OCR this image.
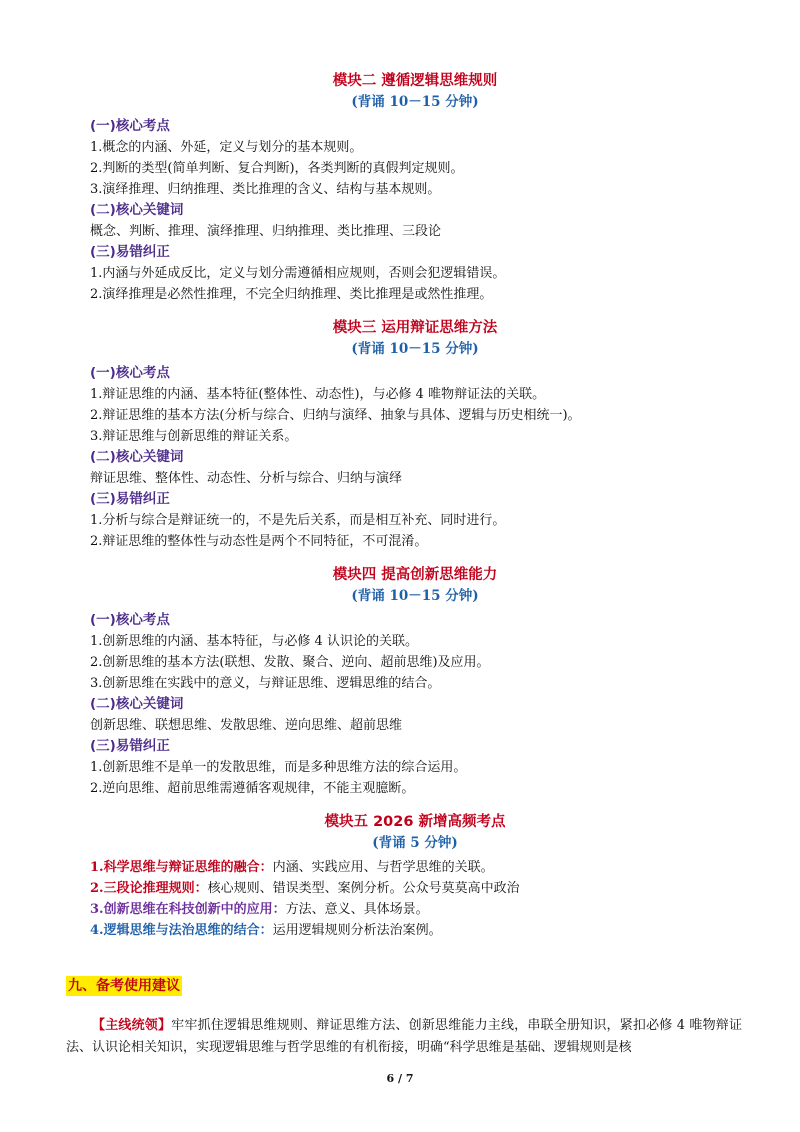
模块二 遵循逻辑思维规则
(背诵 10－15 分钟)
(一)核心考点
1.概念的内涵、外延，定义与划分的基本规则。
2.判断的类型(简单判断、复合判断)，各类判断的真假判定规则。
3.演绎推理、归纳推理、类比推理的含义、结构与基本规则。
(二)核心关键词
概念、判断、推理、演绎推理、归纳推理、类比推理、三段论
(三)易错纠正
1.内涵与外延成反比，定义与划分需遵循相应规则，否则会犯逻辑错误。
2.演绎推理是必然性推理，不完全归纳推理、类比推理是或然性推理。
模块三 运用辩证思维方法
(背诵 10－15 分钟)
(一)核心考点
1.辩证思维的内涵、基本特征(整体性、动态性)，与必修 4 唯物辩证法的关联。
2.辩证思维的基本方法(分析与综合、归纳与演绎、抽象与具体、逻辑与历史相统一)。
3.辩证思维与创新思维的辩证关系。
(二)核心关键词
辩证思维、整体性、动态性、分析与综合、归纳与演绎
(三)易错纠正
1.分析与综合是辩证统一的，不是先后关系，而是相互补充、同时进行。
2.辩证思维的整体性与动态性是两个不同特征，不可混淆。
模块四 提高创新思维能力
(背诵 10－15 分钟)
(一)核心考点
1.创新思维的内涵、基本特征，与必修 4 认识论的关联。
2.创新思维的基本方法(联想、发散、聚合、逆向、超前思维)及应用。
3.创新思维在实践中的意义，与辩证思维、逻辑思维的结合。
(二)核心关键词
创新思维、联想思维、发散思维、逆向思维、超前思维
(三)易错纠正
1.创新思维不是单一的发散思维，而是多种思维方法的综合运用。
2.逆向思维、超前思维需遵循客观规律，不能主观臆断。
模块五 2026 新增高频考点
(背诵 5 分钟)
1.科学思维与辩证思维的融合：内涵、实践应用、与哲学思维的关联。
2.三段论推理规则：核心规则、错误类型、案例分析。公众号莫莫高中政治
3.创新思维在科技创新中的应用：方法、意义、具体场景。
4.逻辑思维与法治思维的结合：运用逻辑规则分析法治案例。
九、备考使用建议
【主线统领】牢牢抓住逻辑思维规则、辩证思维方法、创新思维能力主线，串联全册知识，紧扣必修 4 唯物辩证法、认识论相关知识，实现逻辑思维与哲学思维的有机衔接，明确“科学思维是基础、逻辑规则是核
6 / 7
